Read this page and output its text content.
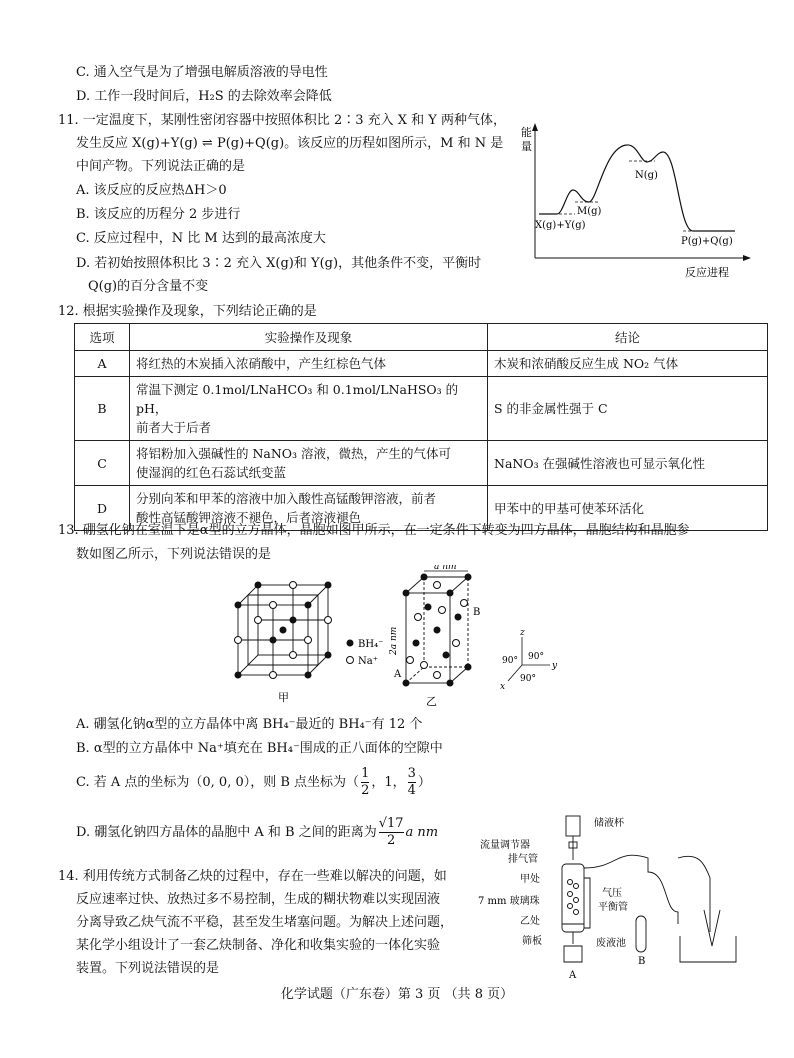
C. 通入空气是为了增强电解质溶液的导电性
D. 工作一段时间后，H₂S 的去除效率会降低
11. 一定温度下，某刚性密闭容器中按照体积比 2∶3 充入 X 和 Y 两种气体，
发生反应 X(g)+Y(g) ⇌ P(g)+Q(g)。该反应的历程如图所示，M 和 N 是
中间产物。下列说法正确的是
A. 该反应的反应热ΔH＞0
B. 该反应的历程分 2 步进行
C. 反应过程中，N 比 M 达到的最高浓度大
D. 若初始按照体积比 3∶2 充入 X(g)和 Y(g)，其他条件不变，平衡时
Q(g)的百分含量不变
能
量
反应进程
X(g)+Y(g)
M(g)
N(g)
P(g)+Q(g)
12. 根据实验操作及现象，下列结论正确的是
选项	实验操作及现象	结论
A	将红热的木炭插入浓硝酸中，产生红棕色气体	木炭和浓硝酸反应生成 NO₂ 气体
B	常温下测定 0.1mol/LNaHCO₃ 和 0.1mol/LNaHSO₃ 的 pH，
前者大于后者	S 的非金属性强于 C
C	将铝粉加入强碱性的 NaNO₃ 溶液，微热，产生的气体可
使湿润的红色石蕊试纸变蓝	NaNO₃ 在强碱性溶液也可显示氧化性
D	分别向苯和甲苯的溶液中加入酸性高锰酸钾溶液，前者
酸性高锰酸钾溶液不褪色，后者溶液褪色	甲苯中的甲基可使苯环活化
13. 硼氢化钠在室温下是α型的立方晶体，晶胞如图甲所示，在一定条件下转变为四方晶体，晶胞结构和晶胞参
数如图乙所示，下列说法错误的是
甲
BH₄⁻
Na⁺
a nm
2a nm
A
B
乙
z
y
x
90° 90°
90°
A. 硼氢化钠α型的立方晶体中离 BH₄⁻最近的 BH₄⁻有 12 个
B. α型的立方晶体中 Na⁺填充在 BH₄⁻围成的正八面体的空隙中
C. 若 A 点的坐标为（0, 0, 0），则 B 点坐标为（ $\frac{1}{2}$ ，1， $\frac{3}{4}$ ）
D. 硼氢化钠四方晶体的晶胞中 A 和 B 之间的距离为 $\frac{√17}{2}$ a nm
14. 利用传统方式制备乙炔的过程中，存在一些难以解决的问题，如
反应速率过快、放热过多不易控制，生成的糊状物难以实现固液
分离导致乙炔气流不平稳，甚至发生堵塞问题。为解决上述问题，
某化学小组设计了一套乙炔制备、净化和收集实验的一体化实验
装置。下列说法错误的是
储液杯
流量调节器
排气管
甲处
7 mm 玻璃珠
乙处
筛板
气压
平衡管
废液池
A
B
化学试题（广东卷）第 3 页 （共 8 页）
